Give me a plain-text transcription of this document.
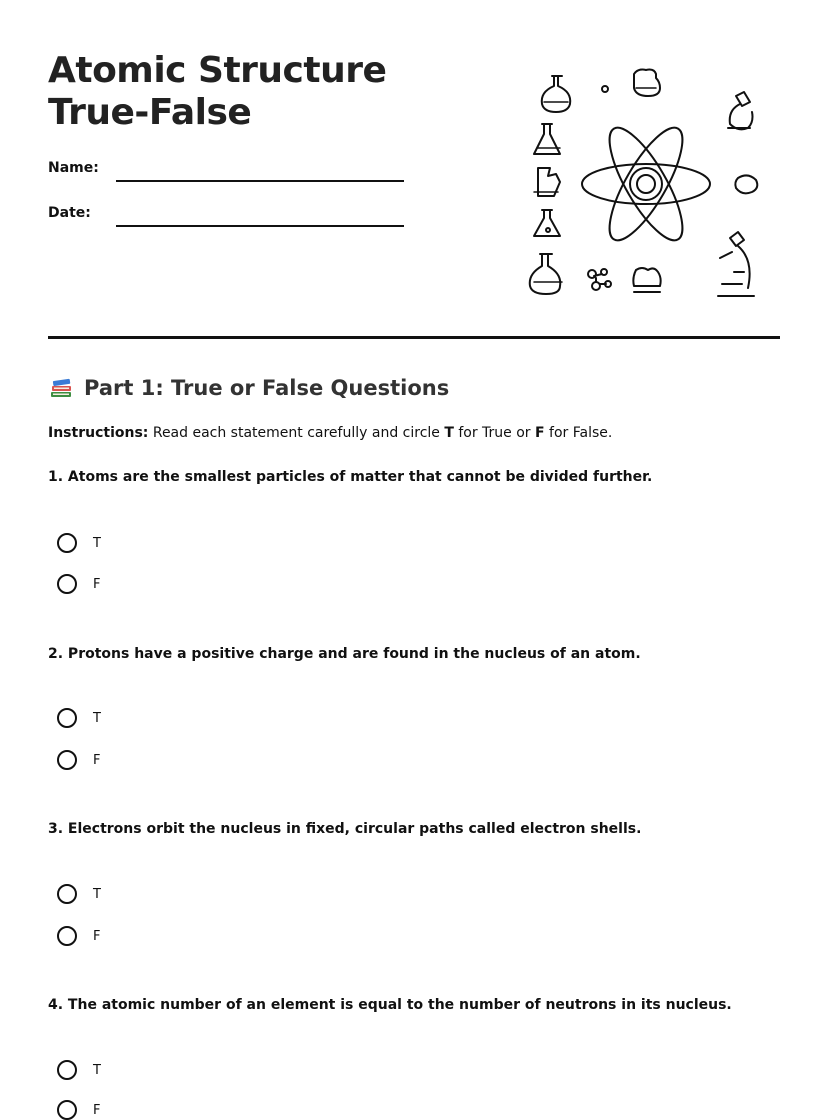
Atomic Structure True-False
Name:
Date:
Part 1: True or False Questions
Instructions: Read each statement carefully and circle T for True or F for False.
1. Atoms are the smallest particles of matter that cannot be divided further.
T
F
2. Protons have a positive charge and are found in the nucleus of an atom.
T
F
3. Electrons orbit the nucleus in fixed, circular paths called electron shells.
T
F
4. The atomic number of an element is equal to the number of neutrons in its nucleus.
T
F
